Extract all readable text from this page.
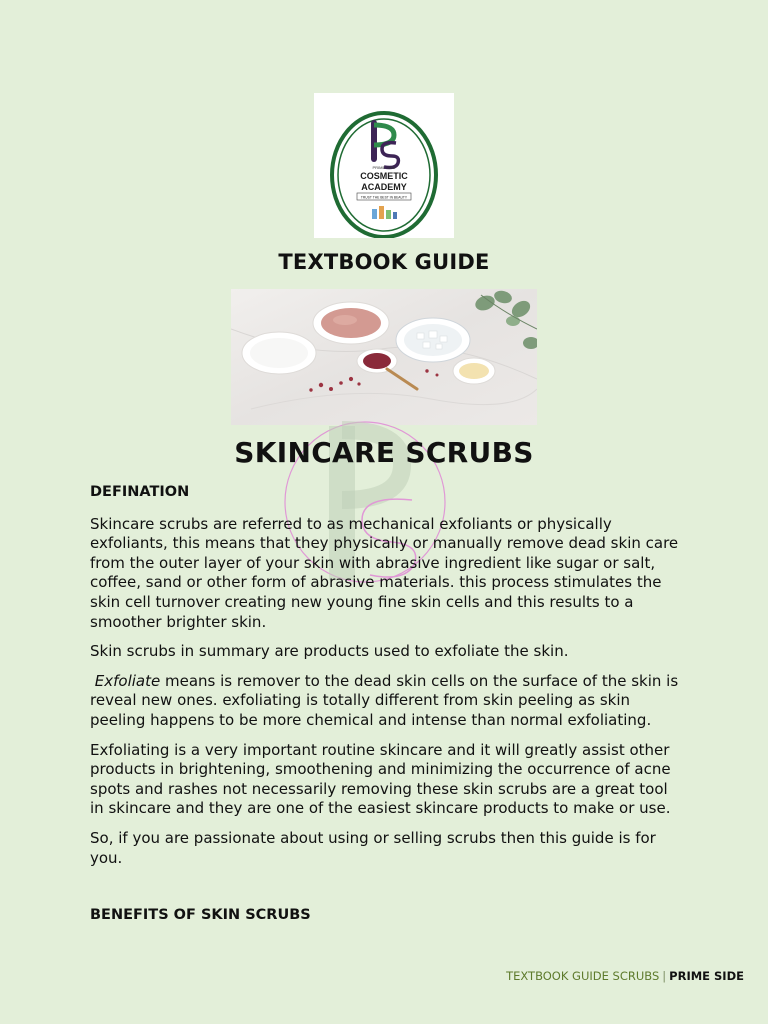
PRIME SIDE
COSMETIC
ACADEMY
TRUST THE BEST IN BEAUTY
TEXTBOOK GUIDE
SKINCARE SCRUBS
DEFINATION

Skincare scrubs are referred to as mechanical exfoliants or physically exfoliants, this means that they physically or manually remove dead skin care from the outer layer of your skin with abrasive ingredient like sugar or salt, coffee, sand or other form of abrasive materials. this process stimulates the skin cell turnover creating new young fine skin cells and this results to a smoother brighter skin.

Skin scrubs in summary are products used to exfoliate the skin.

Exfoliate means is remover to the dead skin cells on the surface of the skin is reveal new ones. exfoliating is totally different from skin peeling as skin peeling happens to be more chemical and intense than normal exfoliating.

Exfoliating is a very important routine skincare and it will greatly assist other products in brightening, smoothening and minimizing the occurrence of acne spots and rashes not necessarily removing these skin scrubs are a great tool in skincare and they are one of the easiest skincare products to make or use.

So, if you are passionate about using or selling scrubs then this guide is for you.

BENEFITS OF SKIN SCRUBS
TEXTBOOK GUIDE SCRUBS | PRIME SIDE
